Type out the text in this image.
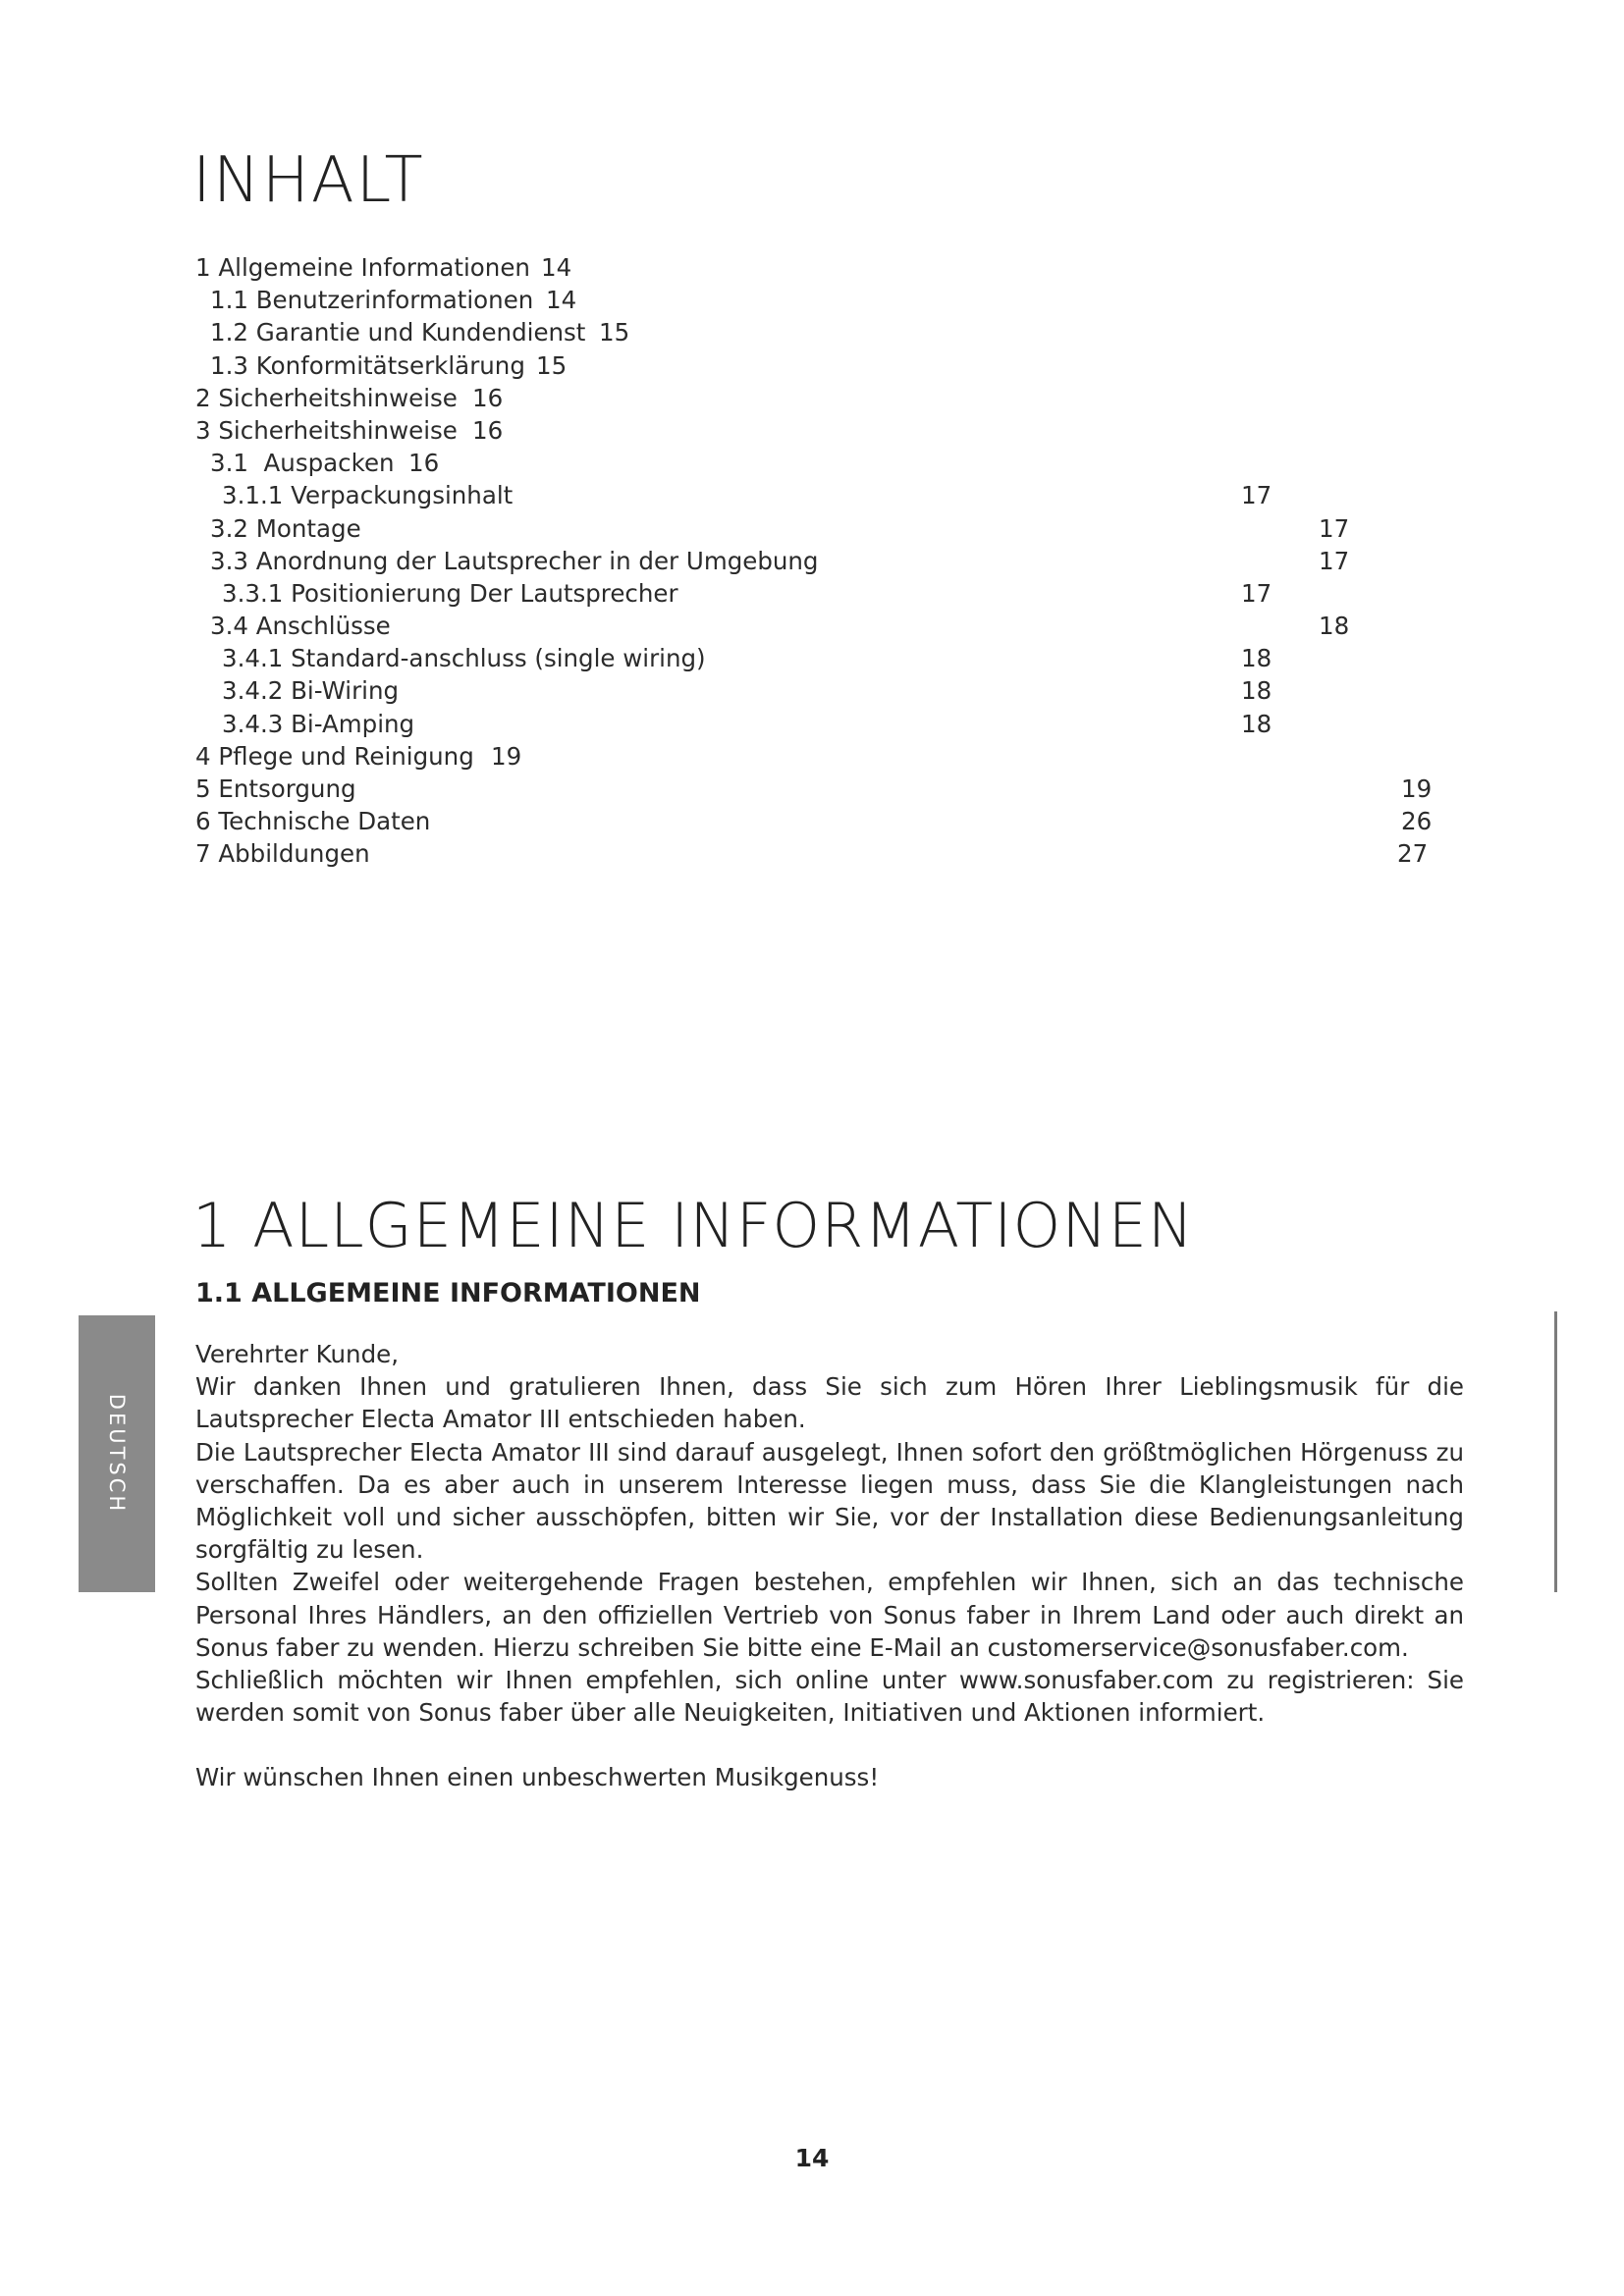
INHALT
1 Allgemeine Informationen 14
1.1 Benutzerinformationen 14
1.2 Garantie und Kundendienst 15
1.3 Konformitätserklärung 15
2 Sicherheitshinweise 16
3 Sicherheitshinweise 16
3.1  Auspacken 16
3.1.1 Verpackungsinhalt	17
3.2 Montage	17
3.3 Anordnung der Lautsprecher in der Umgebung	17
3.3.1 Positionierung Der Lautsprecher	17
3.4 Anschlüsse	18
3.4.1 Standard-anschluss (single wiring)	18
3.4.2 Bi-Wiring	18
3.4.3 Bi-Amping	18
4 Pflege und Reinigung 19
5 Entsorgung	19
6 Technische Daten	26
7 Abbildungen	27
1 ALLGEMEINE INFORMATIONEN
1.1 ALLGEMEINE INFORMATIONEN
DEUTSCH

Verehrter Kunde,

Wir danken Ihnen und gratulieren Ihnen, dass Sie sich zum Hören Ihrer Lieblingsmusik für die Lautsprecher Electa Amator III entschieden haben.

Die Lautsprecher Electa Amator III sind darauf ausgelegt, Ihnen sofort den größtmöglichen Hörgenuss zu verschaffen. Da es aber auch in unserem Interesse liegen muss, dass Sie die Klangleistungen nach Möglichkeit voll und sicher ausschöpfen, bitten wir Sie, vor der Installation diese Bedienungsanleitung sorgfältig zu lesen.

Sollten Zweifel oder weitergehende Fragen bestehen, empfehlen wir Ihnen, sich an das technische Personal Ihres Händlers, an den offiziellen Vertrieb von Sonus faber in Ihrem Land oder auch direkt an Sonus faber zu wenden. Hierzu schreiben Sie bitte eine E-Mail an customerservice@sonusfaber.com.

Schließlich möchten wir Ihnen empfehlen, sich online unter www.sonusfaber.com zu registrieren: Sie werden somit von Sonus faber über alle Neuigkeiten, Initiativen und Aktionen informiert.

Wir wünschen Ihnen einen unbeschwerten Musikgenuss!

14
